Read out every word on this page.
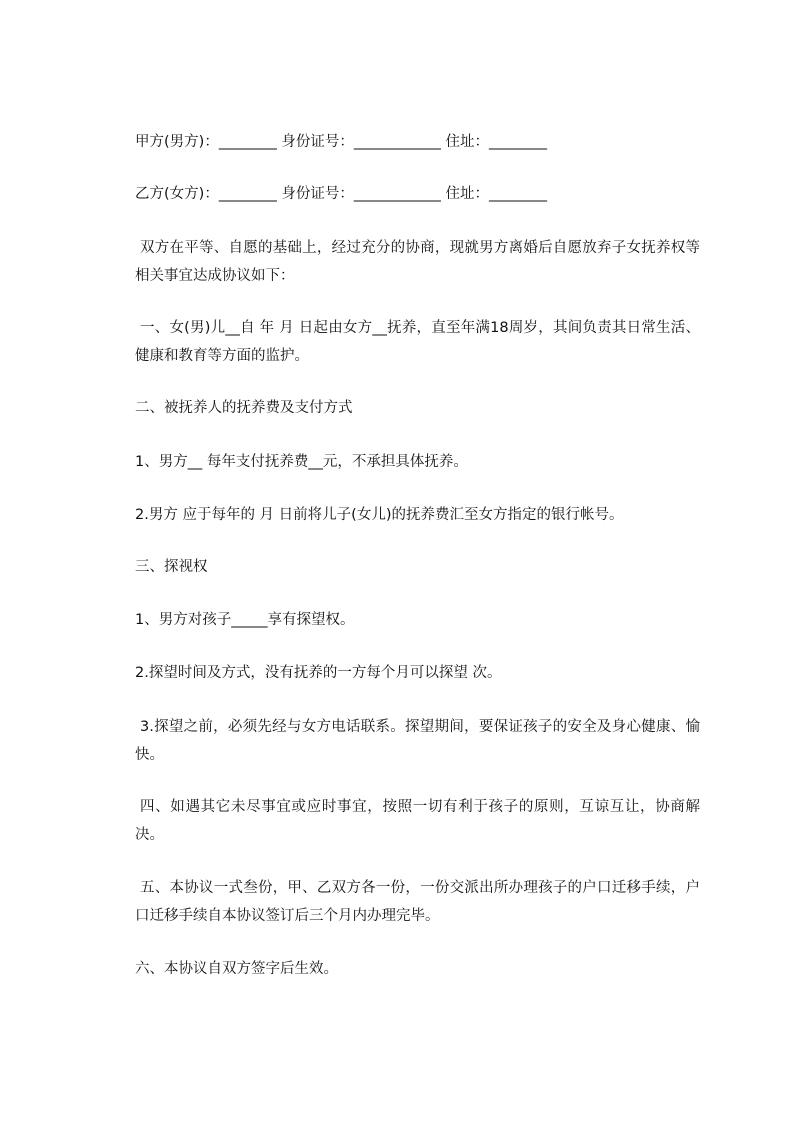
甲方(男方)：________ 身份证号：____________ 住址：________
乙方(女方)：________ 身份证号：____________ 住址：________
双方在平等、自愿的基础上，经过充分的协商，现就男方离婚后自愿放弃子女抚养权等相关事宜达成协议如下：
一、女(男)儿__自 年 月 日起由女方__抚养，直至年满18周岁，其间负责其日常生活、健康和教育等方面的监护。
二、被抚养人的抚养费及支付方式
1、男方__ 每年支付抚养费__元，不承担具体抚养。
2.男方 应于每年的 月 日前将儿子(女儿)的抚养费汇至女方指定的银行帐号。
三、探视权
1、男方对孩子_____享有探望权。
2.探望时间及方式，没有抚养的一方每个月可以探望 次。
3.探望之前，必须先经与女方电话联系。探望期间，要保证孩子的安全及身心健康、愉快。
四、如遇其它未尽事宜或应时事宜，按照一切有利于孩子的原则，互谅互让，协商解决。
五、本协议一式叁份，甲、乙双方各一份，一份交派出所办理孩子的户口迁移手续，户口迁移手续自本协议签订后三个月内办理完毕。
六、本协议自双方签字后生效。
